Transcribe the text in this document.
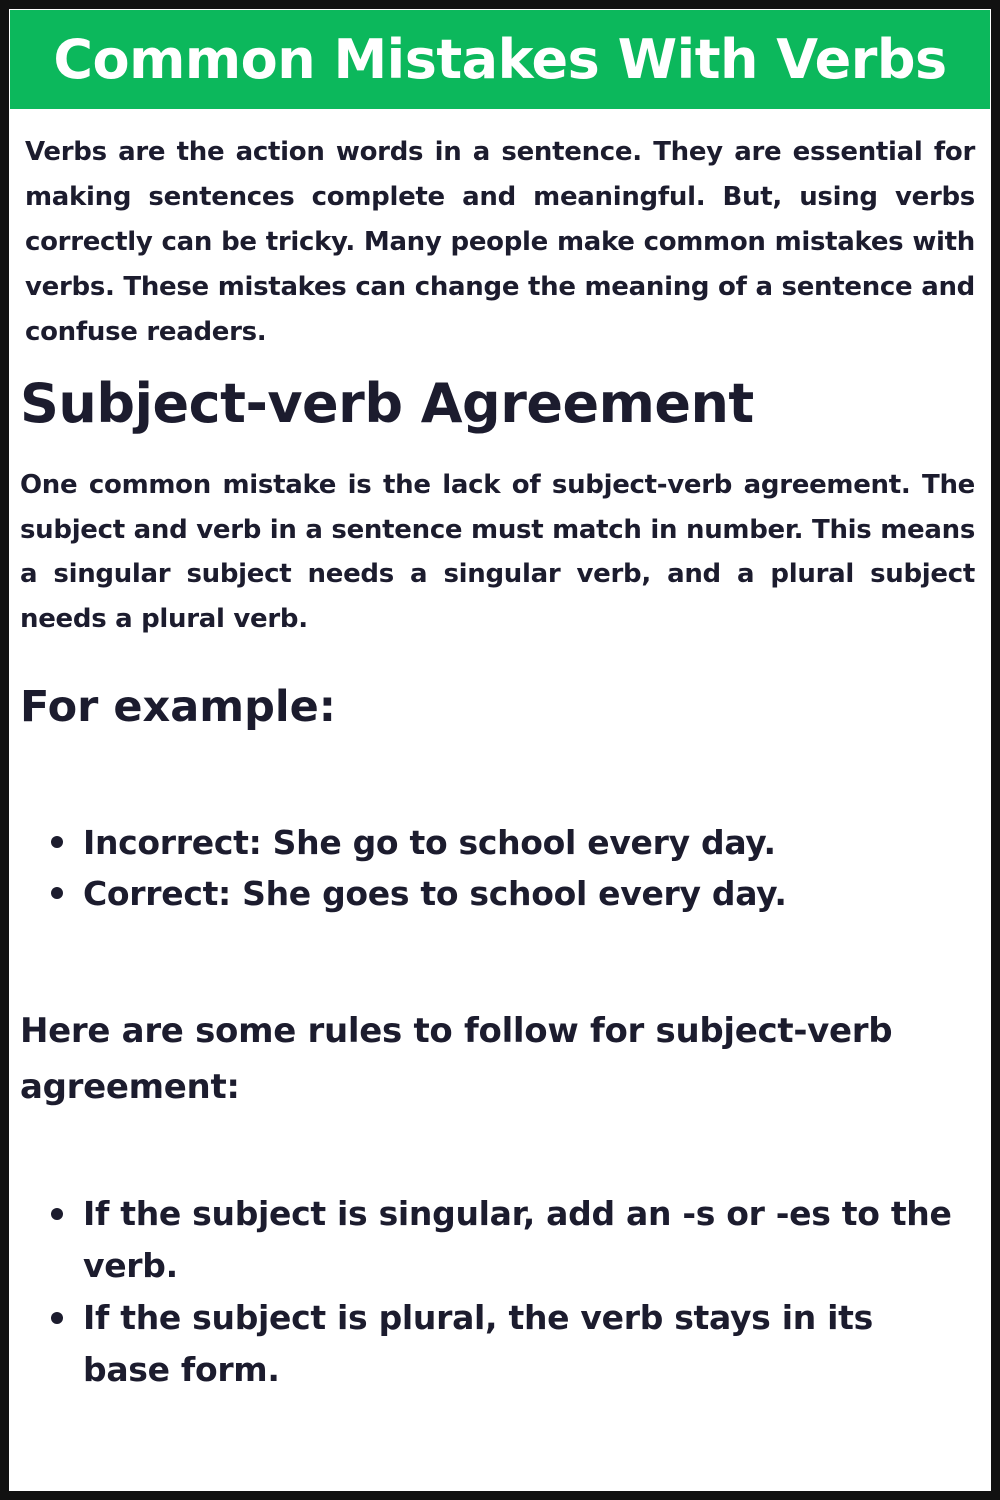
Common Mistakes With Verbs

Verbs are the action words in a sentence. They are essential for making sentences complete and meaningful. But, using verbs correctly can be tricky. Many people make common mistakes with verbs. These mistakes can change the meaning of a sentence and confuse readers.

Subject-verb Agreement

One common mistake is the lack of subject-verb agreement. The subject and verb in a sentence must match in number. This means a singular subject needs a singular verb, and a plural subject needs a plural verb.

For example:
Incorrect: She go to school every day.
Correct: She goes to school every day.

Here are some rules to follow for subject-verb agreement:

If the subject is singular, add an -s or -es to the verb.
If the subject is plural, the verb stays in its base form.
